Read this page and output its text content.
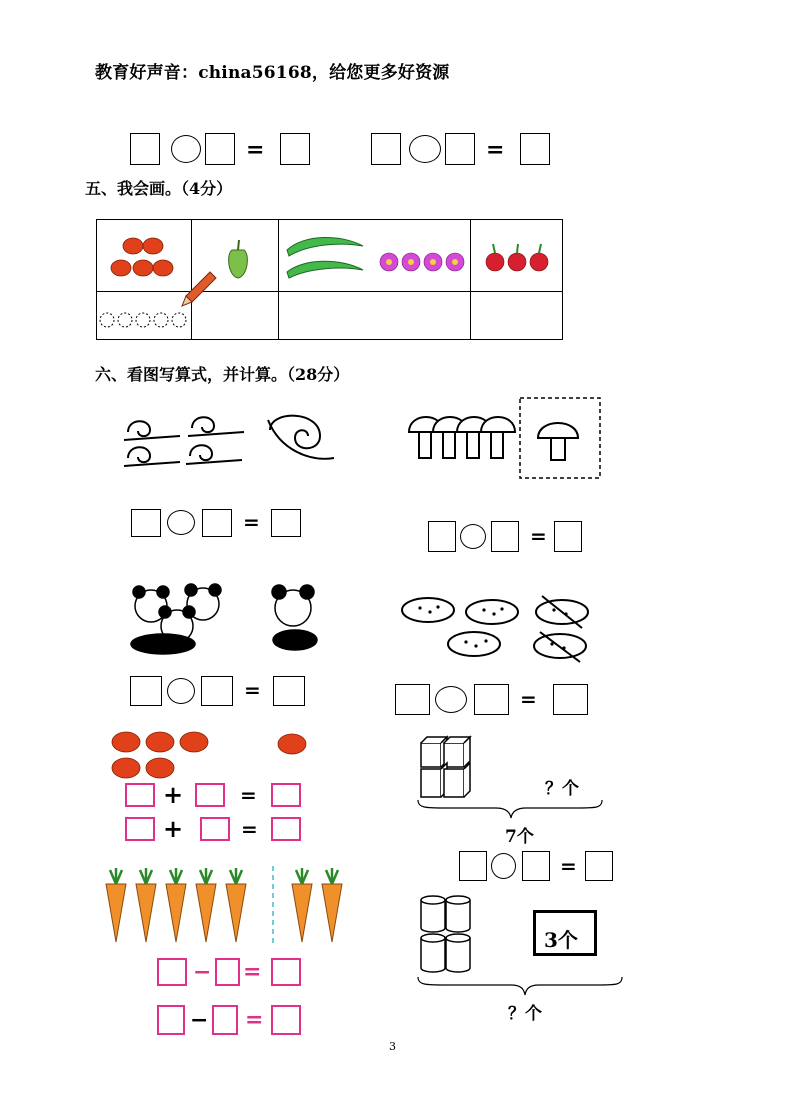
教育好声音：china56168，给您更多好资源
=	=
五、我会画。（4分）
六、看图写算式，并计算。（28分）
=
=
=	=
+	=
+	=
？个
7个
=
− =
− =
3个
？个
3
